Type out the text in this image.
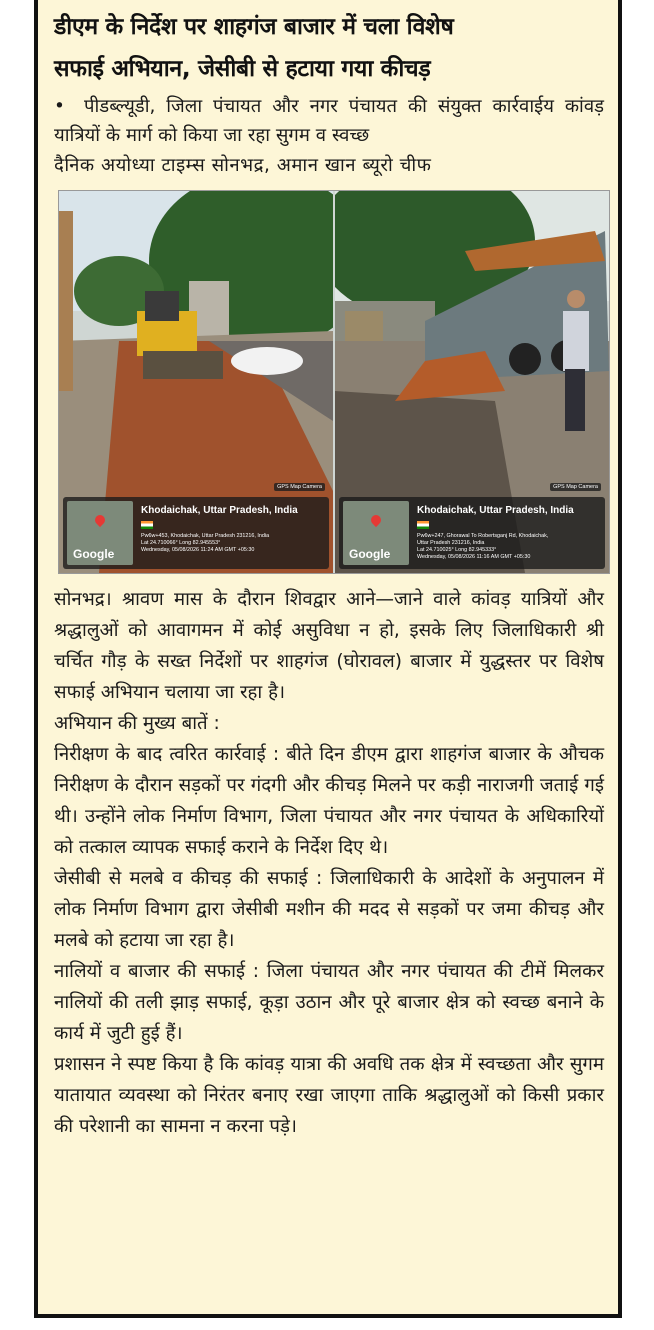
डीएम के निर्देश पर शाहगंज बाजार में चला विशेष
सफाई अभियान, जेसीबी से हटाया गया कीचड़

• पीडब्ल्यूडी, जिला पंचायत और नगर पंचायत की संयुक्त कार्रवाईय कांवड़ यात्रियों के मार्ग को किया जा रहा सुगम व स्वच्छ

दैनिक अयोध्या टाइम्स सोनभद्र, अमान खान ब्यूरो चीफ

GPS Map Camera
Google
Khodaichak, Uttar Pradesh, India
Pw6w+453, Khodaichak, Uttar Pradesh 231216, India
Lat 24.710066° Long 82.945553°
Wednesday, 05/08/2026 11:24 AM GMT +05:30
GPS Map Camera
Google
Khodaichak, Uttar Pradesh, India
Pw6w+247, Ghorawal To Robertsganj Rd, Khodaichak,
Uttar Pradesh 231216, India
Lat 24.710025° Long 82.945333°
Wednesday, 05/08/2026 11:16 AM GMT +05:30

सोनभद्र। श्रावण मास के दौरान शिवद्वार आने—जाने वाले कांवड़ यात्रियों और श्रद्धालुओं को आवागमन में कोई असुविधा न हो, इसके लिए जिलाधिकारी श्री चर्चित गौड़ के सख्त निर्देशों पर शाहगंज (घोरावल) बाजार में युद्धस्तर पर विशेष सफाई अभियान चलाया जा रहा है।

अभियान की मुख्य बातें :

निरीक्षण के बाद त्वरित कार्रवाई : बीते दिन डीएम द्वारा शाहगंज बाजार के औचक निरीक्षण के दौरान सड़कों पर गंदगी और कीचड़ मिलने पर कड़ी नाराजगी जताई गई थी। उन्होंने लोक निर्माण विभाग, जिला पंचायत और नगर पंचायत के अधिकारियों को तत्काल व्यापक सफाई कराने के निर्देश दिए थे।

जेसीबी से मलबे व कीचड़ की सफाई : जिलाधिकारी के आदेशों के अनुपालन में लोक निर्माण विभाग द्वारा जेसीबी मशीन की मदद से सड़कों पर जमा कीचड़ और मलबे को हटाया जा रहा है।

नालियों व बाजार की सफाई : जिला पंचायत और नगर पंचायत की टीमें मिलकर नालियों की तली झाड़ सफाई, कूड़ा उठान और पूरे बाजार क्षेत्र को स्वच्छ बनाने के कार्य में जुटी हुई हैं।

प्रशासन ने स्पष्ट किया है कि कांवड़ यात्रा की अवधि तक क्षेत्र में स्वच्छता और सुगम यातायात व्यवस्था को निरंतर बनाए रखा जाएगा ताकि श्रद्धालुओं को किसी प्रकार की परेशानी का सामना न करना पड़े।
